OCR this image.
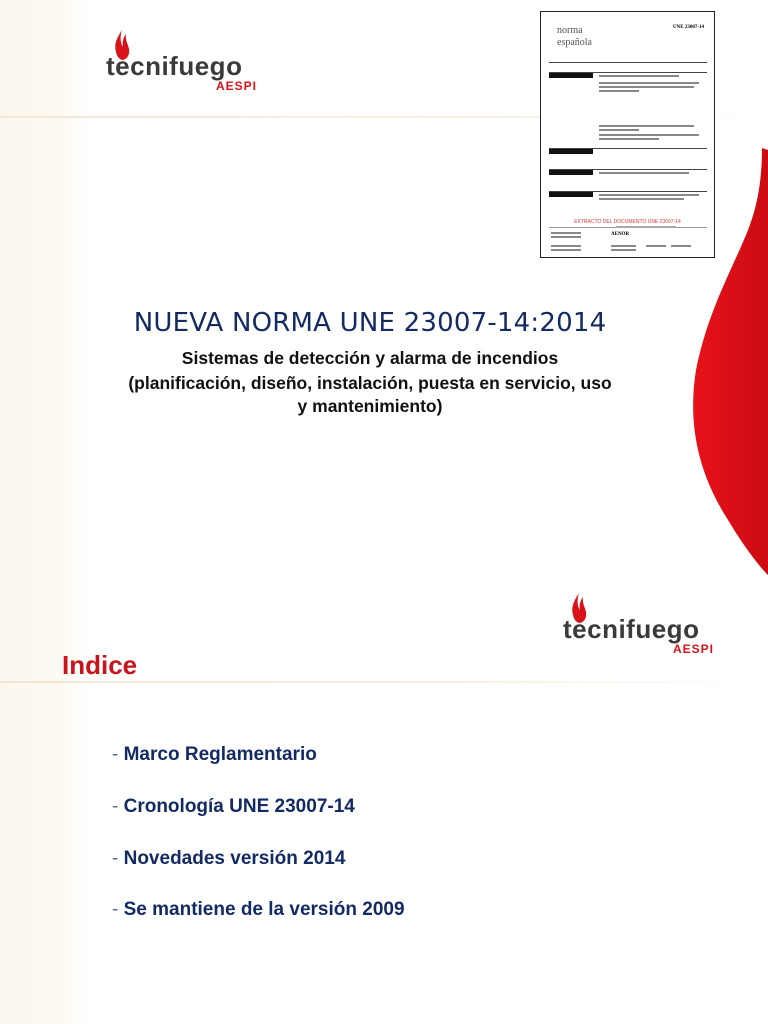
tecnifuego
AESPI
norma
española
UNE 23007-14
EXTRACTO DEL DOCUMENTO UNE 23007-14
AENOR
NUEVA NORMA UNE 23007-14:2014
Sistemas de detección y alarma de incendios
(planificación, diseño, instalación, puesta en servicio, uso
y mantenimiento)
tecnifuego
AESPI
Indice
- Marco Reglamentario
- Cronología UNE 23007-14
- Novedades versión 2014
- Se mantiene de la versión 2009
